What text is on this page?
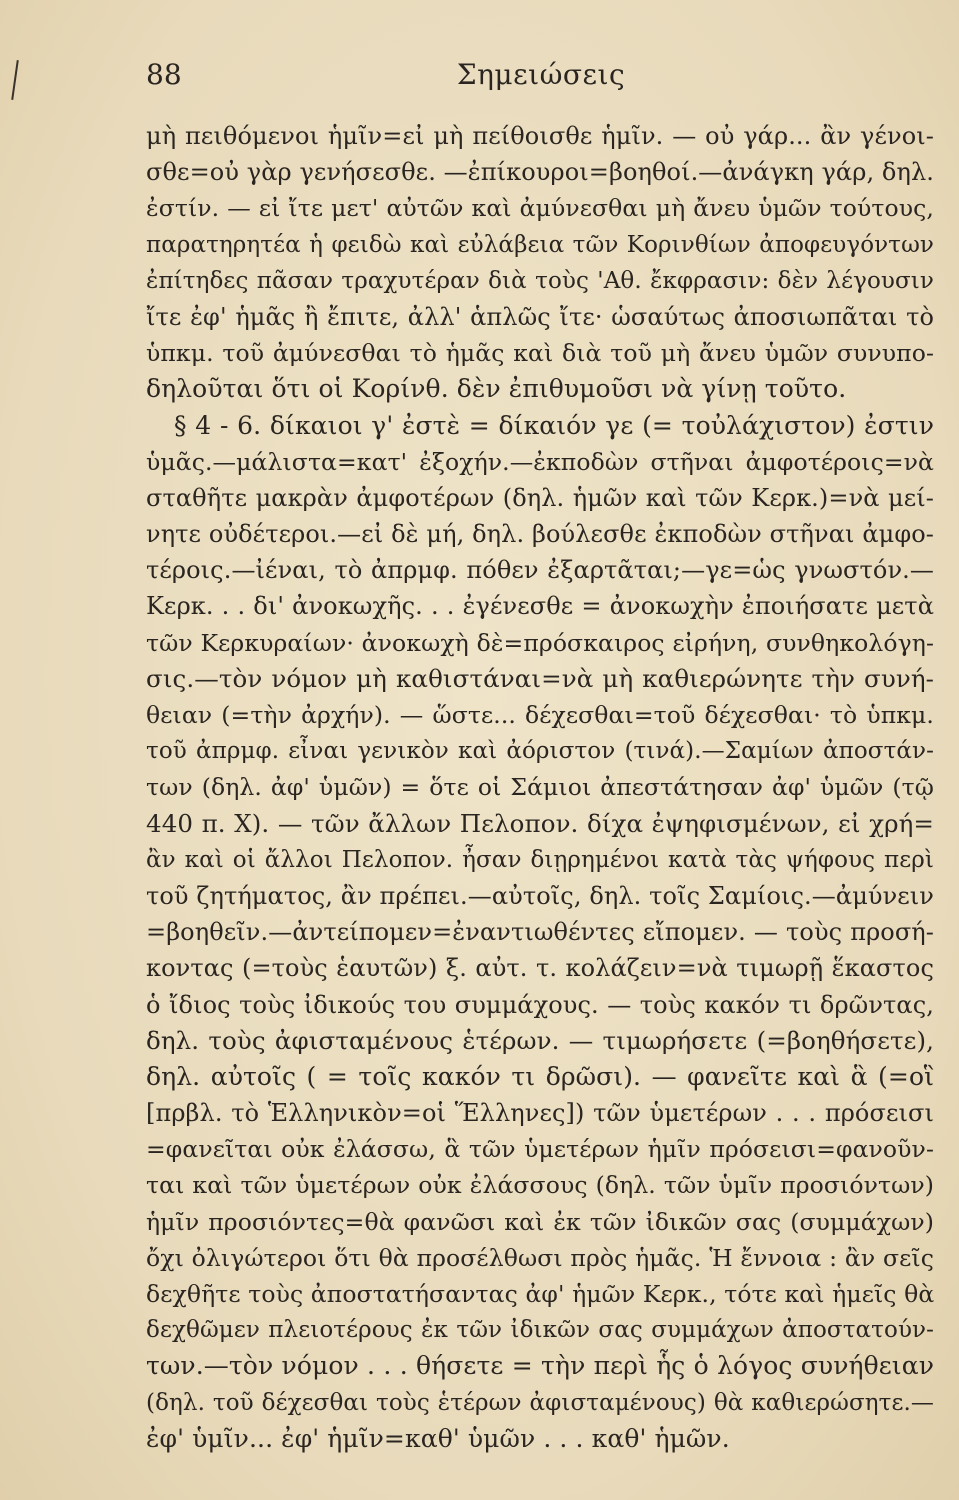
88	Σημειώσεις
μὴ πειθόμενοι ἡμῖν=εἰ μὴ πείθοισθε ἡμῖν. — οὐ γάρ... ἂν γένοι-
σθε=οὐ γὰρ γενήσεσθε. —ἐπίκουροι=βοηθοί.—ἀνάγκη γάρ, δηλ.
ἐστίν. — εἰ ἴτε μετ' αὐτῶν καὶ ἀμύνεσθαι μὴ ἄνευ ὑμῶν τούτους,
παρατηρητέα ἡ φειδὼ καὶ εὐλάβεια τῶν Κορινθίων ἀποφευγόντων
ἐπίτηδες πᾶσαν τραχυτέραν διὰ τοὺς 'Αθ. ἔκφρασιν: δὲν λέγουσιν
ἴτε ἐφ' ἡμᾶς ἢ ἔπιτε, ἀλλ' ἁπλῶς ἴτε· ὡσαύτως ἀποσιωπᾶται τὸ
ὑπκμ. τοῦ ἀμύνεσθαι τὸ ἡμᾶς καὶ διὰ τοῦ μὴ ἄνευ ὑμῶν συνυπο-
δηλοῦται ὅτι οἱ Κορίνθ. δὲν ἐπιθυμοῦσι νὰ γίνῃ τοῦτο.
§ 4 - 6. δίκαιοι γ' ἐστὲ = δίκαιόν γε (= τοὐλάχιστον) ἐστιν
ὑμᾶς.—μάλιστα=κατ' ἐξοχήν.—ἐκποδὼν στῆναι ἀμφοτέροις=νὰ
σταθῆτε μακρὰν ἀμφοτέρων (δηλ. ἡμῶν καὶ τῶν Κερκ.)=νὰ μεί-
νητε οὐδέτεροι.—εἰ δὲ μή, δηλ. βούλεσθε ἐκποδὼν στῆναι ἀμφο-
τέροις.—ἰέναι, τὸ ἀπρμφ. πόθεν ἐξαρτᾶται;—γε=ὡς γνωστόν.—
Κερκ. . . δι' ἀνοκωχῆς. . . ἐγένεσθε = ἀνοκωχὴν ἐποιήσατε μετὰ
τῶν Κερκυραίων· ἀνοκωχὴ δὲ=πρόσκαιρος εἰρήνη, συνθηκολόγη-
σις.—τὸν νόμον μὴ καθιστάναι=νὰ μὴ καθιερώνητε τὴν συνή-
θειαν (=τὴν ἀρχήν). — ὥστε... δέχεσθαι=τοῦ δέχεσθαι· τὸ ὑπκμ.
τοῦ ἀπρμφ. εἶναι γενικὸν καὶ ἀόριστον (τινά).—Σαμίων ἀποστάν-
των (δηλ. ἀφ' ὑμῶν) = ὅτε οἱ Σάμιοι ἀπεστάτησαν ἀφ' ὑμῶν (τῷ
440 π. Χ). — τῶν ἄλλων Πελοπον. δίχα ἐψηφισμένων, εἰ χρή=
ἂν καὶ οἱ ἄλλοι Πελοπον. ἦσαν διῃρημένοι κατὰ τὰς ψήφους περὶ
τοῦ ζητήματος, ἂν πρέπει.—αὐτοῖς, δηλ. τοῖς Σαμίοις.—ἀμύνειν
=βοηθεῖν.—ἀντείπομεν=ἐναντιωθέντες εἴπομεν. — τοὺς προσή-
κοντας (=τοὺς ἑαυτῶν) ξ. αὐτ. τ. κολάζειν=νὰ τιμωρῇ ἕκαστος
ὁ ἴδιος τοὺς ἰδικούς του συμμάχους. — τοὺς κακόν τι δρῶντας,
δηλ. τοὺς ἀφισταμένους ἑτέρων. — τιμωρήσετε (=βοηθήσετε),
δηλ. αὐτοῖς ( = τοῖς κακόν τι δρῶσι). — φανεῖτε καὶ ἃ (=οἳ
[πρβλ. τὸ Ἑλληνικὸν=οἱ Ἕλληνες]) τῶν ὑμετέρων . . . πρόσεισι
=φανεῖται οὐκ ἐλάσσω, ἃ τῶν ὑμετέρων ἡμῖν πρόσεισι=φανοῦν-
ται καὶ τῶν ὑμετέρων οὐκ ἐλάσσους (δηλ. τῶν ὑμῖν προσιόντων)
ἡμῖν προσιόντες=θὰ φανῶσι καὶ ἐκ τῶν ἰδικῶν σας (συμμάχων)
ὄχι ὀλιγώτεροι ὅτι θὰ προσέλθωσι πρὸς ἡμᾶς. Ἡ ἔννοια : ἂν σεῖς
δεχθῆτε τοὺς ἀποστατήσαντας ἀφ' ἡμῶν Κερκ., τότε καὶ ἡμεῖς θὰ
δεχθῶμεν πλειοτέρους ἐκ τῶν ἰδικῶν σας συμμάχων ἀποστατούν-
των.—τὸν νόμον . . . θήσετε = τὴν περὶ ἧς ὁ λόγος συνήθειαν
(δηλ. τοῦ δέχεσθαι τοὺς ἑτέρων ἀφισταμένους) θὰ καθιερώσητε.—
ἐφ' ὑμῖν... ἐφ' ἡμῖν=καθ' ὑμῶν . . . καθ' ἡμῶν.
